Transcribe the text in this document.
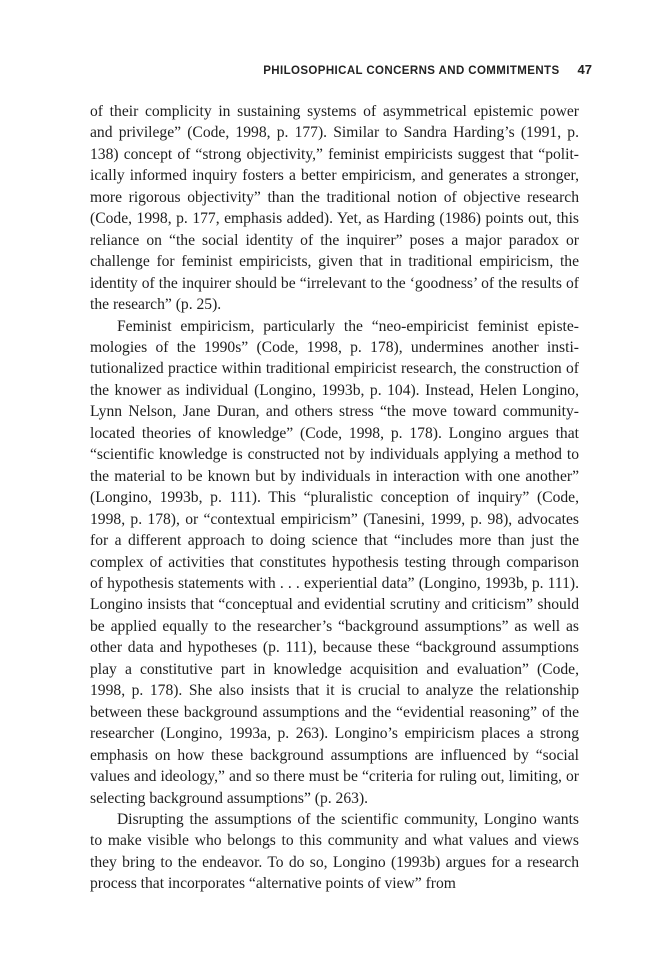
PHILOSOPHICAL CONCERNS AND COMMITMENTS 47

of their complicity in sustaining systems of asymmetrical epistemic power and privilege” (Code, 1998, p. 177). Similar to Sandra Harding’s (1991, p. 138) concept of “strong objectivity,” feminist empiricists suggest that “politically informed inquiry fosters a better empiricism, and generates a stronger, more rigorous objectivity” than the traditional notion of objective research (Code, 1998, p. 177, emphasis added). Yet, as Harding (1986) points out, this reliance on “the social identity of the inquirer” poses a major paradox or challenge for feminist empiricists, given that in traditional empiricism, the identity of the inquirer should be “irrelevant to the ‘goodness’ of the results of the research” (p. 25).

Feminist empiricism, particularly the “neo-empiricist feminist epistemologies of the 1990s” (Code, 1998, p. 178), undermines another institutionalized practice within traditional empiricist research, the construction of the knower as individual (Longino, 1993b, p. 104). Instead, Helen Longino, Lynn Nelson, Jane Duran, and others stress “the move toward community-located theories of knowledge” (Code, 1998, p. 178). Longino argues that “scientific knowledge is constructed not by individuals applying a method to the material to be known but by individuals in interaction with one another” (Longino, 1993b, p. 111). This “pluralistic conception of inquiry” (Code, 1998, p. 178), or “contextual empiricism” (Tanesini, 1999, p. 98), advocates for a different approach to doing science that “includes more than just the complex of activities that constitutes hypothesis testing through comparison of hypothesis statements with . . . experiential data” (Longino, 1993b, p. 111). Longino insists that “conceptual and evidential scrutiny and criticism” should be applied equally to the researcher’s “background assumptions” as well as other data and hypotheses (p. 111), because these “background assumptions play a constitutive part in knowledge acquisition and evaluation” (Code, 1998, p. 178). She also insists that it is crucial to analyze the relationship between these background assumptions and the “evidential reasoning” of the researcher (Longino, 1993a, p. 263). Longino’s empiricism places a strong emphasis on how these background assumptions are influenced by “social values and ideology,” and so there must be “criteria for ruling out, limiting, or selecting background assumptions” (p. 263).

Disrupting the assumptions of the scientific community, Longino wants to make visible who belongs to this community and what values and views they bring to the endeavor. To do so, Longino (1993b) argues for a research process that incorporates “alternative points of view” from
